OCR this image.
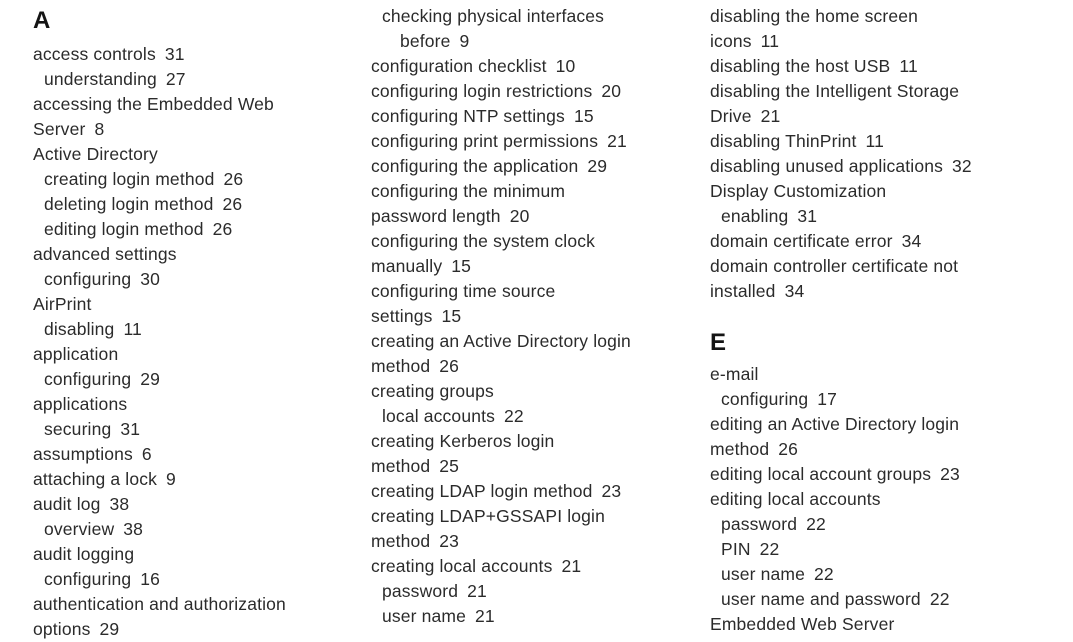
A
access controls 31
understanding 27
accessing the Embedded Web
Server 8
Active Directory
creating login method 26
deleting login method 26
editing login method 26
advanced settings
configuring 30
AirPrint
disabling 11
application
configuring 29
applications
securing 31
assumptions 6
attaching a lock 9
audit log 38
overview 38
audit logging
configuring 16
authentication and authorization
options 29
checking physical interfaces
before 9
configuration checklist 10
configuring login restrictions 20
configuring NTP settings 15
configuring print permissions 21
configuring the application 29
configuring the minimum
password length 20
configuring the system clock
manually 15
configuring time source
settings 15
creating an Active Directory login
method 26
creating groups
local accounts 22
creating Kerberos login
method 25
creating LDAP login method 23
creating LDAP+GSSAPI login
method 23
creating local accounts 21
password 21
user name 21
disabling the home screen
icons 11
disabling the host USB 11
disabling the Intelligent Storage
Drive 21
disabling ThinPrint 11
disabling unused applications 32
Display Customization
enabling 31
domain certificate error 34
domain controller certificate not
installed 34
E
e-mail
configuring 17
editing an Active Directory login
method 26
editing local account groups 23
editing local accounts
password 22
PIN 22
user name 22
user name and password 22
Embedded Web Server
